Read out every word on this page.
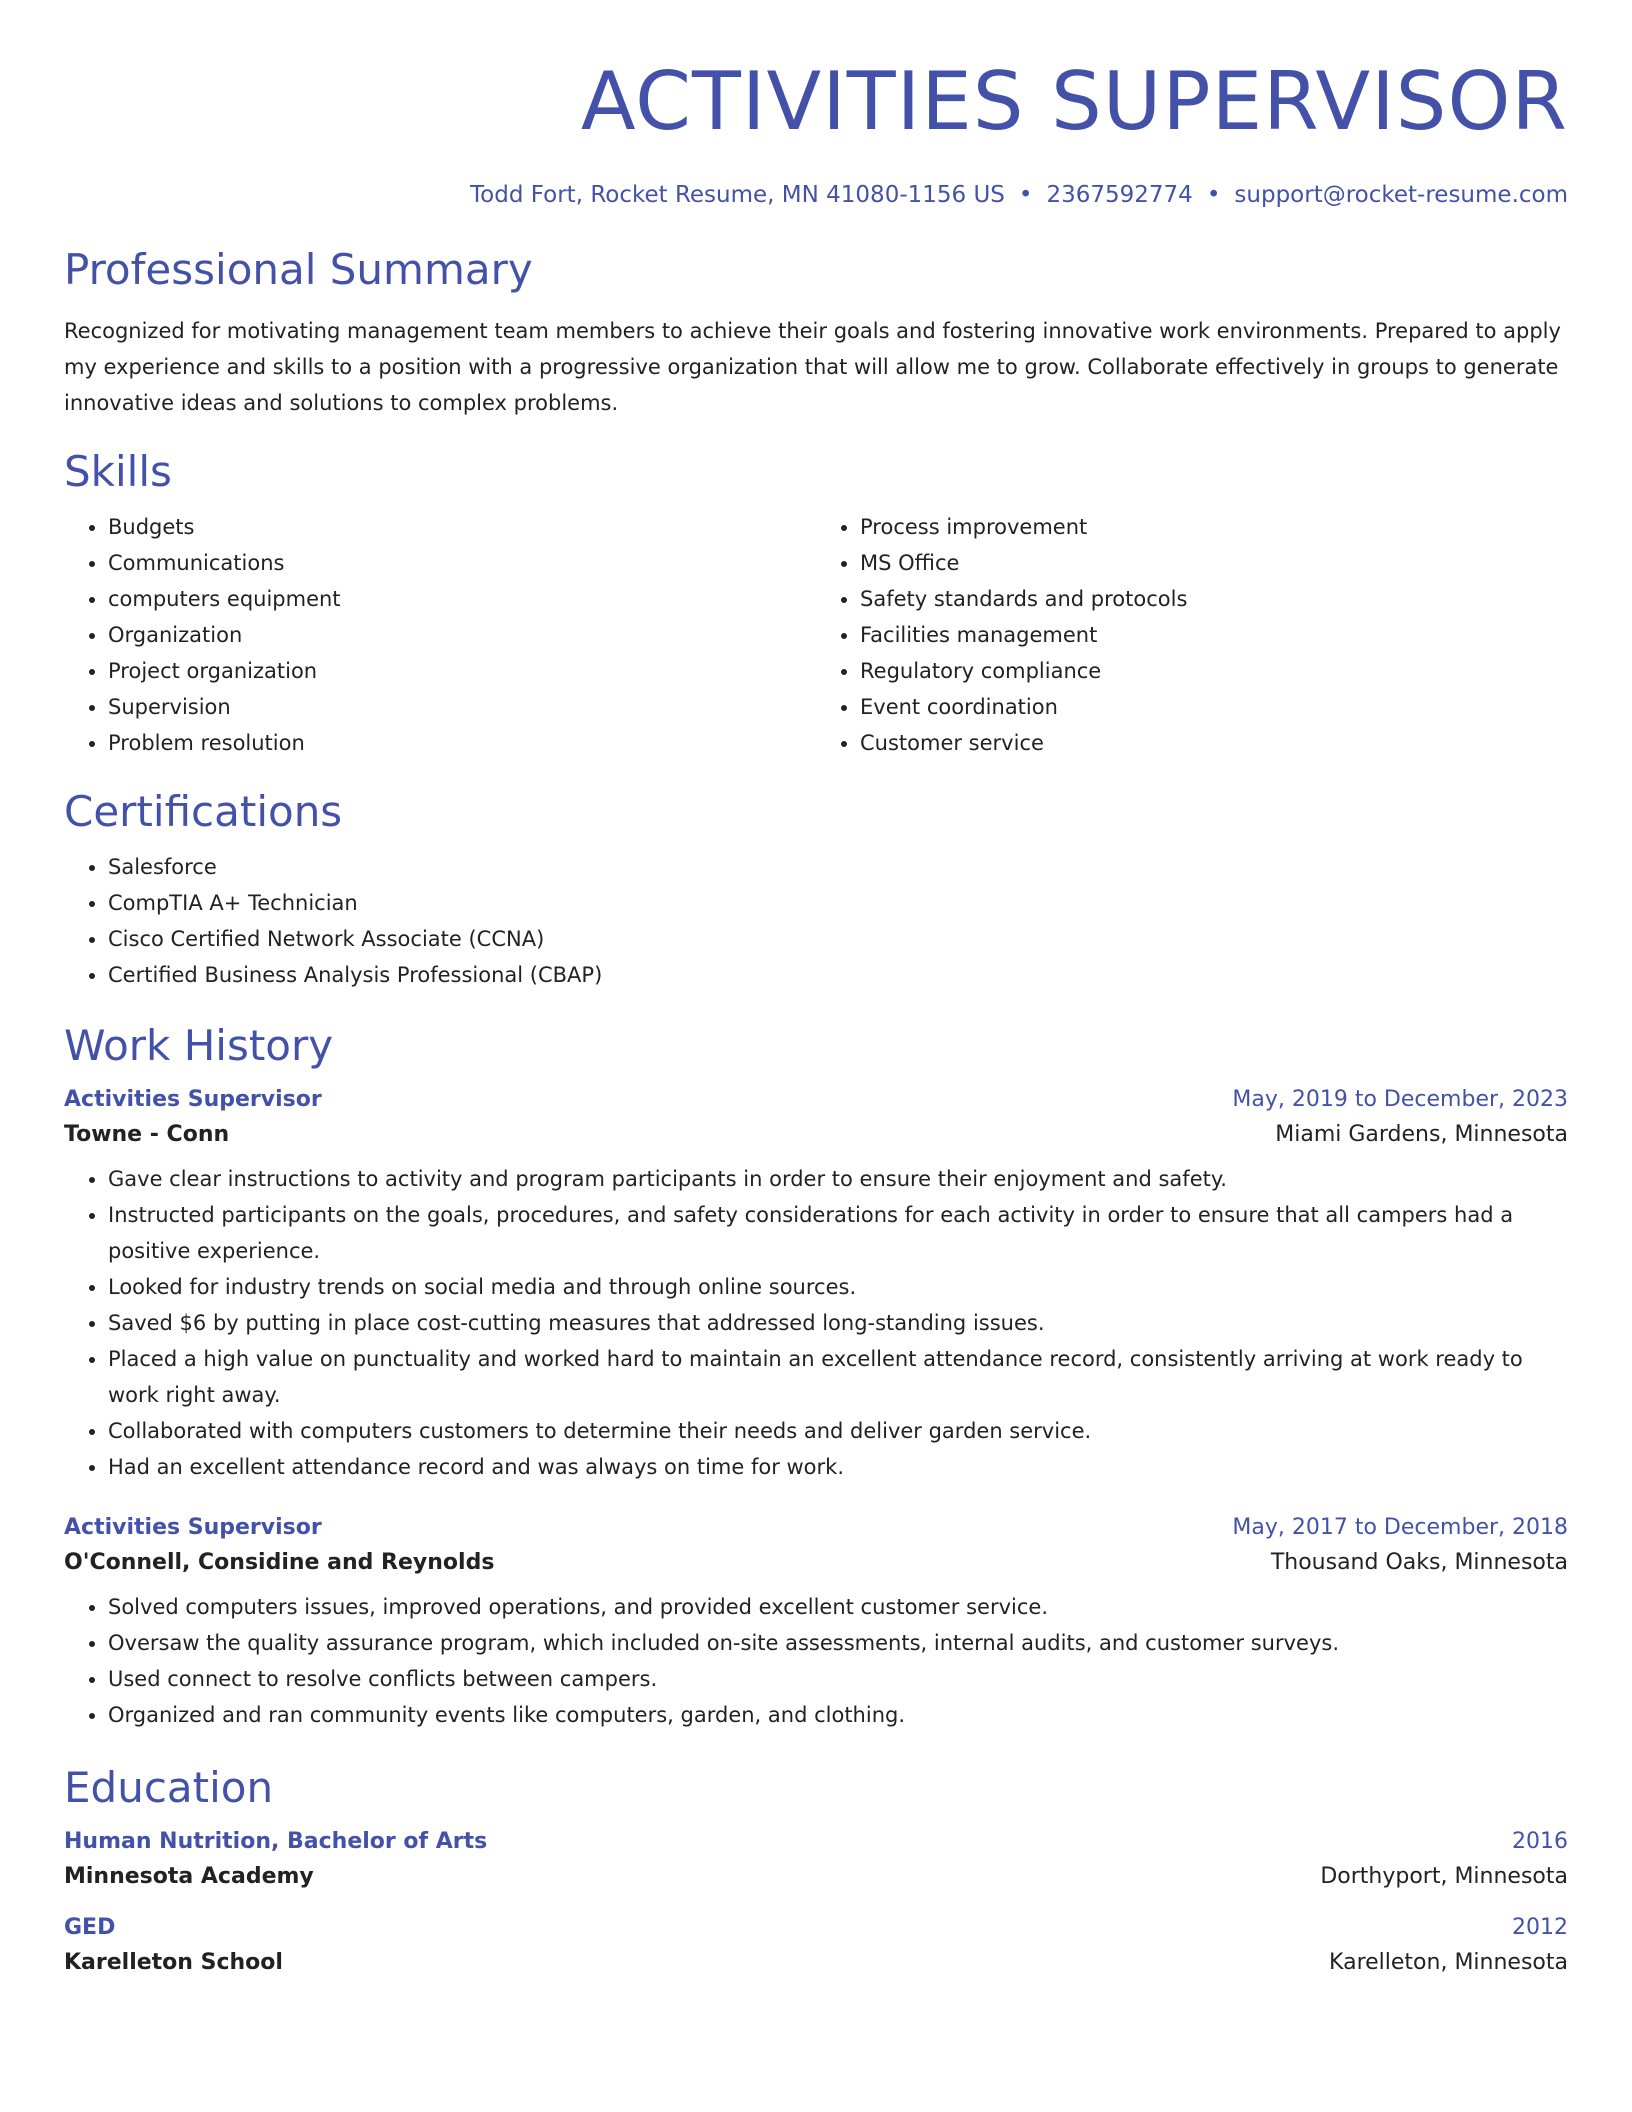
ACTIVITIES SUPERVISOR
Todd Fort, Rocket Resume, MN 41080-1156 US • 2367592774 • support@rocket-resume.com
Professional Summary

Recognized for motivating management team members to achieve their goals and fostering innovative work environments. Prepared to apply my experience and skills to a position with a progressive organization that will allow me to grow. Collaborate effectively in groups to generate innovative ideas and solutions to complex problems.

Skills
• Budgets
• Communications
• computers equipment
• Organization
• Project organization
• Supervision
• Problem resolution
• Process improvement
• MS Office
• Safety standards and protocols
• Facilities management
• Regulatory compliance
• Event coordination
• Customer service
Certifications
• Salesforce
• CompTIA A+ Technician
• Cisco Certified Network Associate (CCNA)
• Certified Business Analysis Professional (CBAP)
Work History
Activities Supervisor	May, 2019 to December, 2023
Towne - Conn	Miami Gardens, Minnesota
• Gave clear instructions to activity and program participants in order to ensure their enjoyment and safety.
• Instructed participants on the goals, procedures, and safety considerations for each activity in order to ensure that all campers had a positive experience.
• Looked for industry trends on social media and through online sources.
• Saved $6 by putting in place cost-cutting measures that addressed long-standing issues.
• Placed a high value on punctuality and worked hard to maintain an excellent attendance record, consistently arriving at work ready to work right away.
• Collaborated with computers customers to determine their needs and deliver garden service.
• Had an excellent attendance record and was always on time for work.
Activities Supervisor	May, 2017 to December, 2018
O'Connell, Considine and Reynolds	Thousand Oaks, Minnesota
• Solved computers issues, improved operations, and provided excellent customer service.
• Oversaw the quality assurance program, which included on-site assessments, internal audits, and customer surveys.
• Used connect to resolve conflicts between campers.
• Organized and ran community events like computers, garden, and clothing.
Education
Human Nutrition, Bachelor of Arts	2016
Minnesota Academy	Dorthyport, Minnesota
GED	2012
Karelleton School	Karelleton, Minnesota
